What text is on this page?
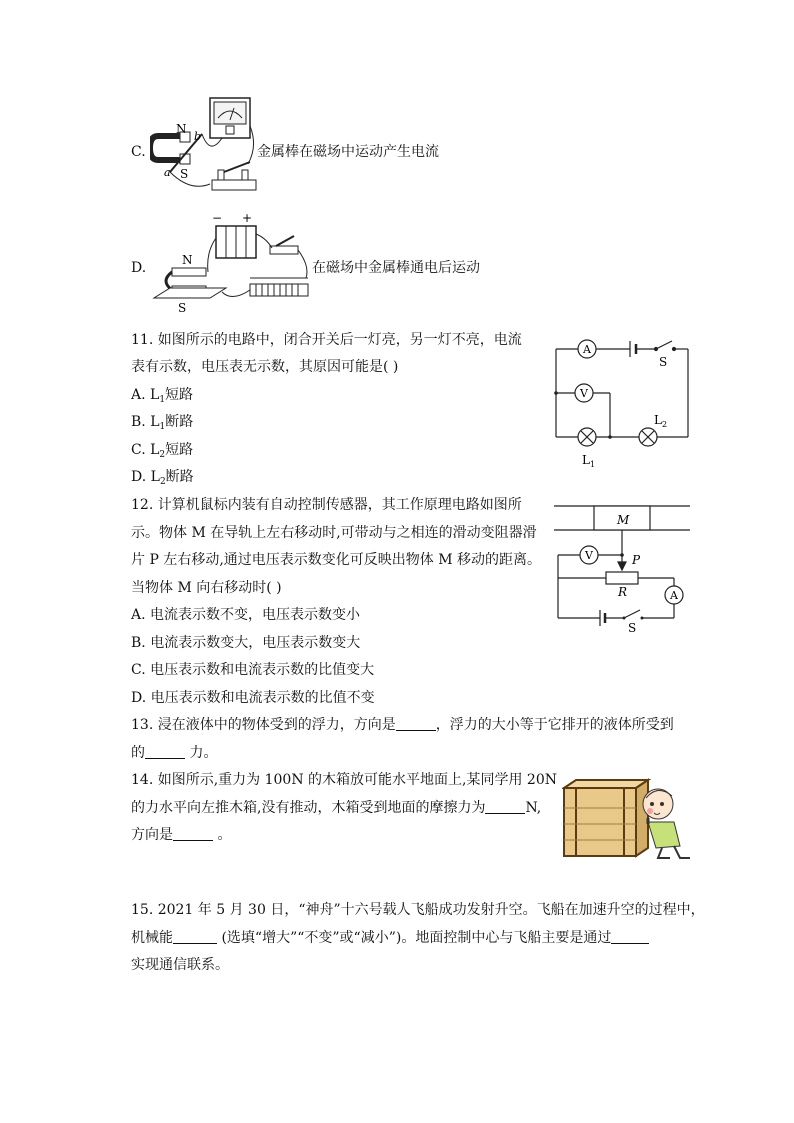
C.
N
b
S
a
金属棒在磁场中运动产生电流
D.
− +
N
S
在磁场中金属棒通电后运动
11. 如图所示的电路中，闭合开关后一灯亮，另一灯不亮，电流
表有示数，电压表无示数，其原因可能是( )
A. $L_1$短路
B. $L_1$断路
C. $L_2$短路
D. $L_2$断路
A
V
S
$L_1$
$L_2$
12. 计算机鼠标内装有自动控制传感器，其工作原理电路如图所
示。物体 M 在导轨上左右移动时,可带动与之相连的滑动变阻器滑
片 P 左右移动,通过电压表示数变化可反映出物体 M 移动的距离。
当物体 M 向右移动时( )
A. 电流表示数不变，电压表示数变小
B. 电流表示数变大，电压表示数变大
C. 电压表示数和电流表示数的比值变大
D. 电压表示数和电流表示数的比值不变
M
V	P
R	A
S
13. 浸在液体中的物体受到的浮力，方向是	，浮力的大小等于它排开的液体所受到
的	力。
14. 如图所示,重力为 100N 的木箱放可能水平地面上,某同学用 20N
的力水平向左推木箱,没有推动，木箱受到地面的摩擦力为	N,
方向是	。
15. 2021 年 5 月 30 日，“神舟”十六号载人飞船成功发射升空。飞船在加速升空的过程中，
机械能	(选填“增大”“不变”或“减小”)。地面控制中心与飞船主要是通过
实现通信联系。
